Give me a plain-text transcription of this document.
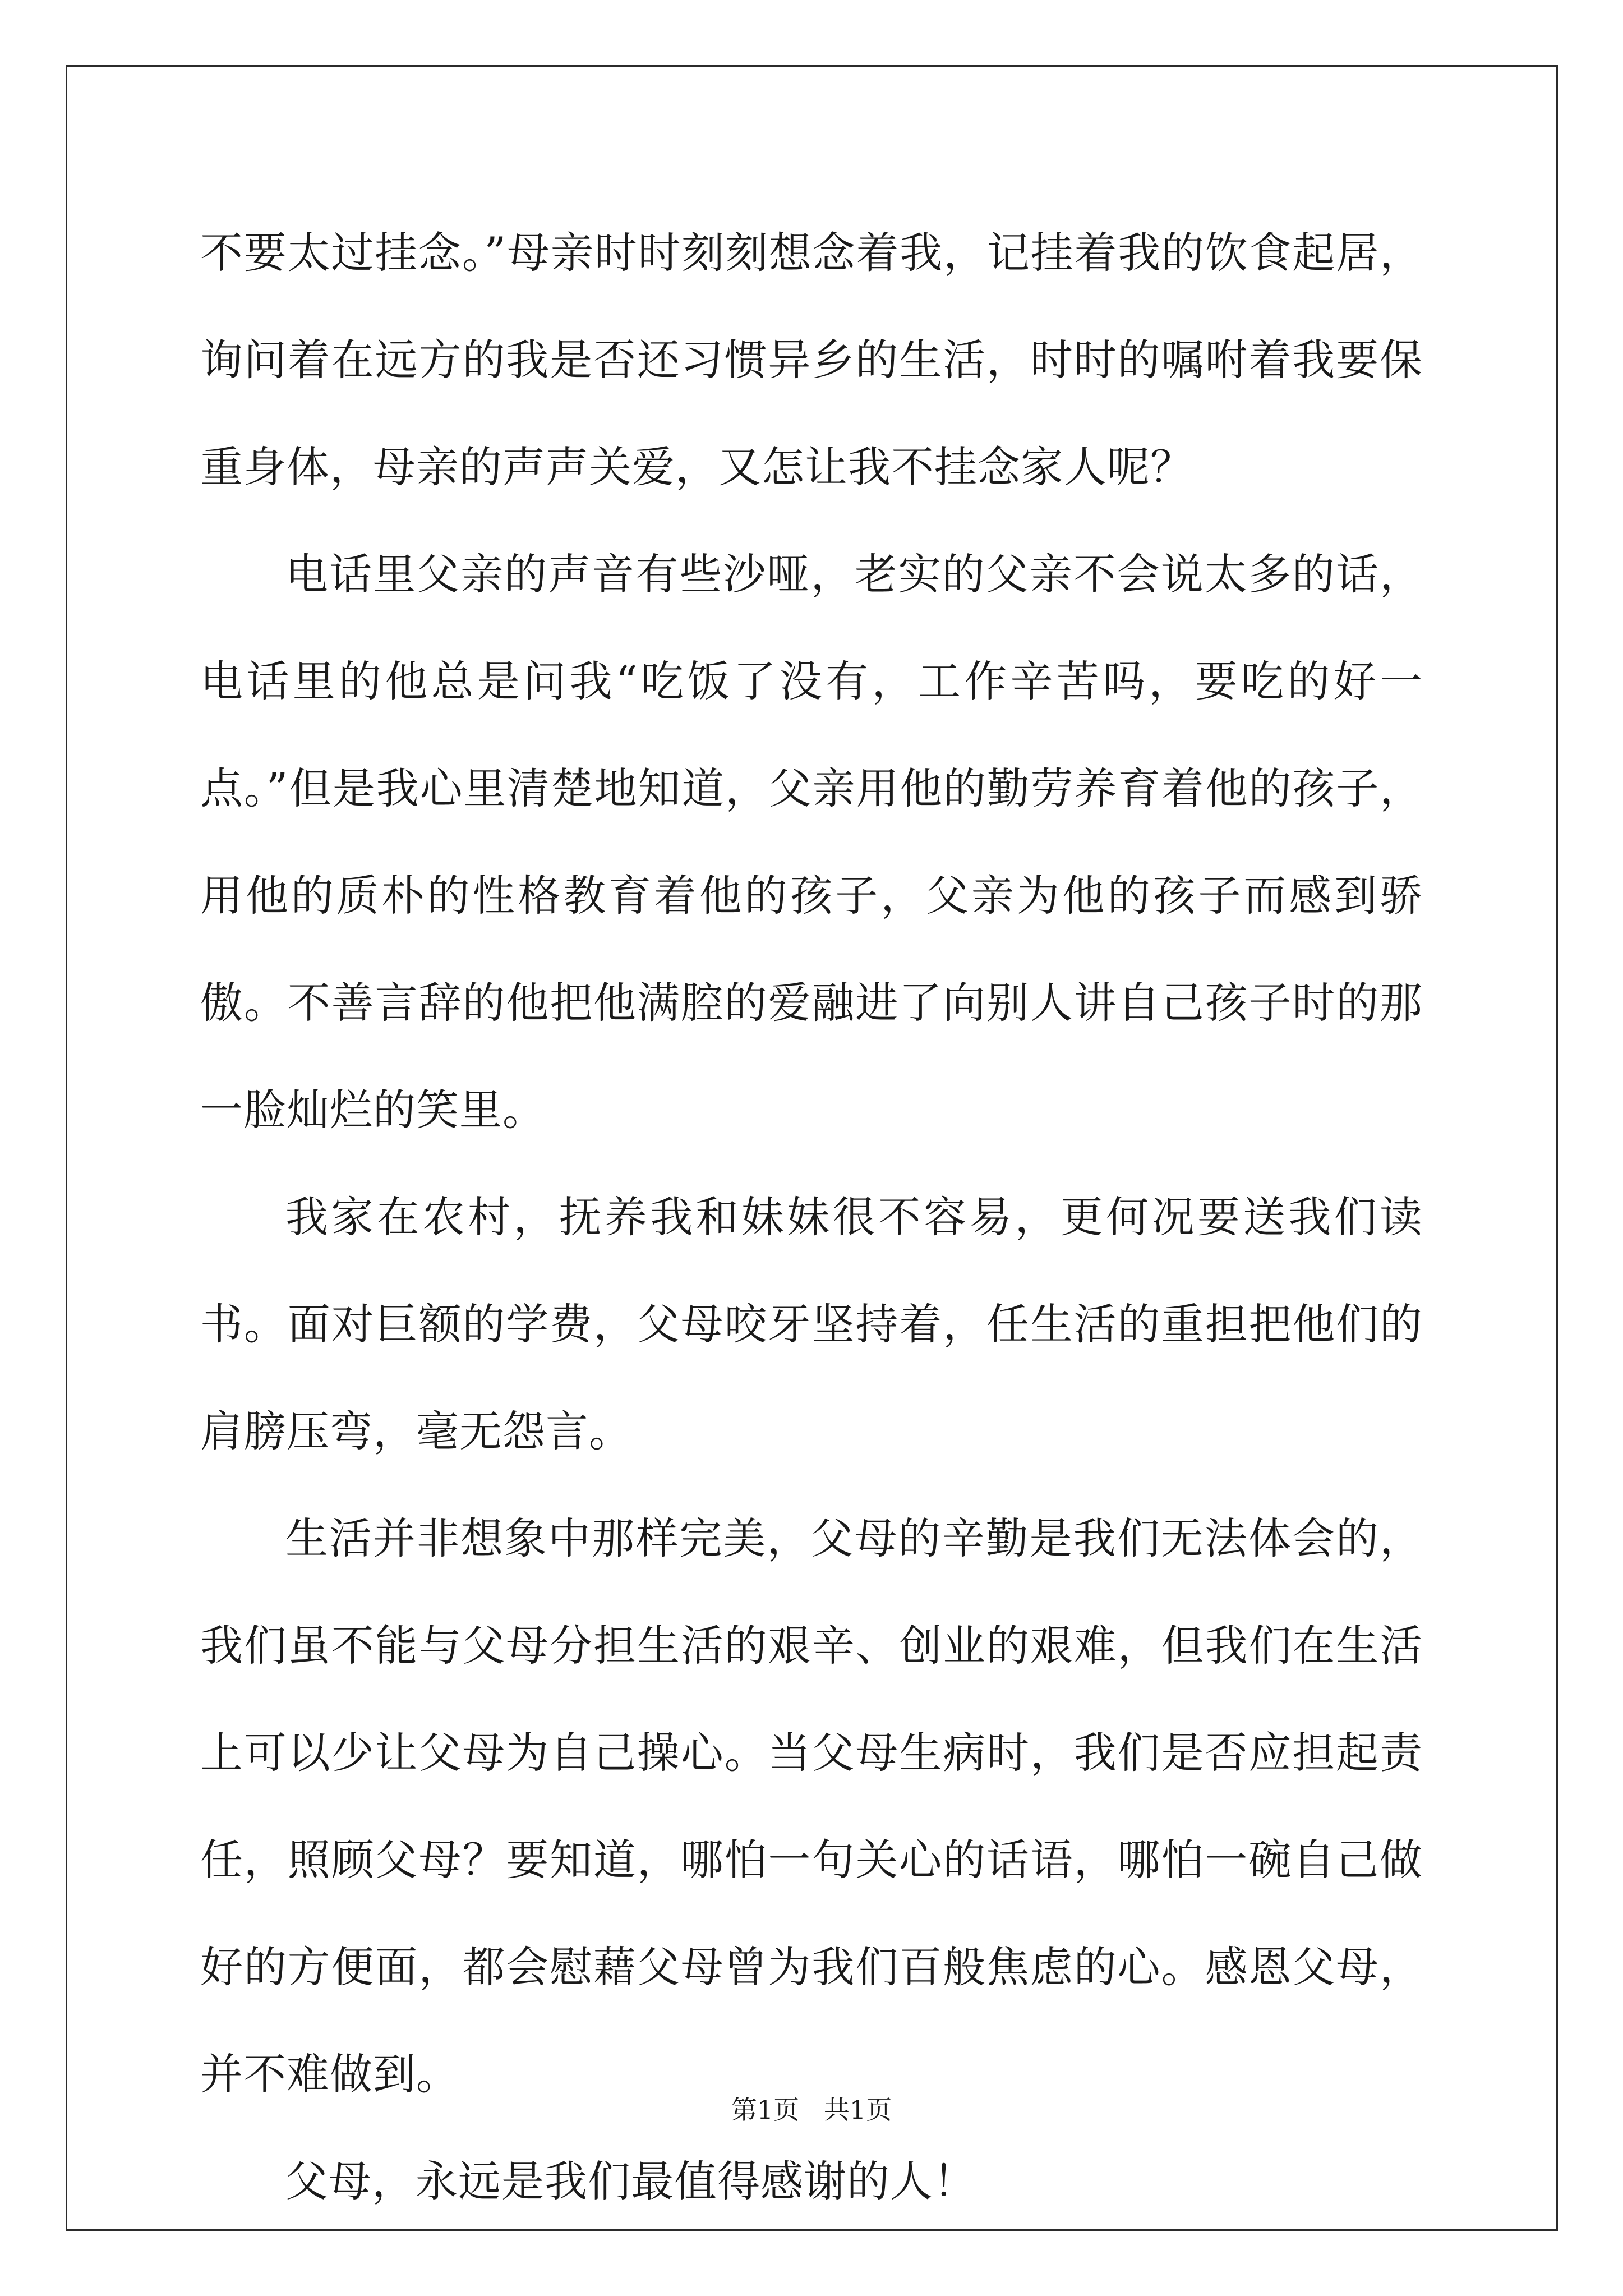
不要太过挂念。”母亲时时刻刻想念着我，记挂着我的饮食起居，询问着在远方的我是否还习惯异乡的生活，时时的嘱咐着我要保重身体，母亲的声声关爱，又怎让我不挂念家人呢？

电话里父亲的声音有些沙哑，老实的父亲不会说太多的话，电话里的他总是问我“吃饭了没有，工作辛苦吗，要吃的好一点。”但是我心里清楚地知道，父亲用他的勤劳养育着他的孩子，用他的质朴的性格教育着他的孩子，父亲为他的孩子而感到骄傲。不善言辞的他把他满腔的爱融进了向别人讲自己孩子时的那一脸灿烂的笑里。

我家在农村，抚养我和妹妹很不容易，更何况要送我们读书。面对巨额的学费，父母咬牙坚持着，任生活的重担把他们的肩膀压弯，毫无怨言。

生活并非想象中那样完美，父母的辛勤是我们无法体会的，我们虽不能与父母分担生活的艰辛、创业的艰难，但我们在生活上可以少让父母为自己操心。当父母生病时，我们是否应担起责任，照顾父母？要知道，哪怕一句关心的话语，哪怕一碗自己做好的方便面，都会慰藉父母曾为我们百般焦虑的心。感恩父母，并不难做到。

父母，永远是我们最值得感谢的人！

第1页   共1页
